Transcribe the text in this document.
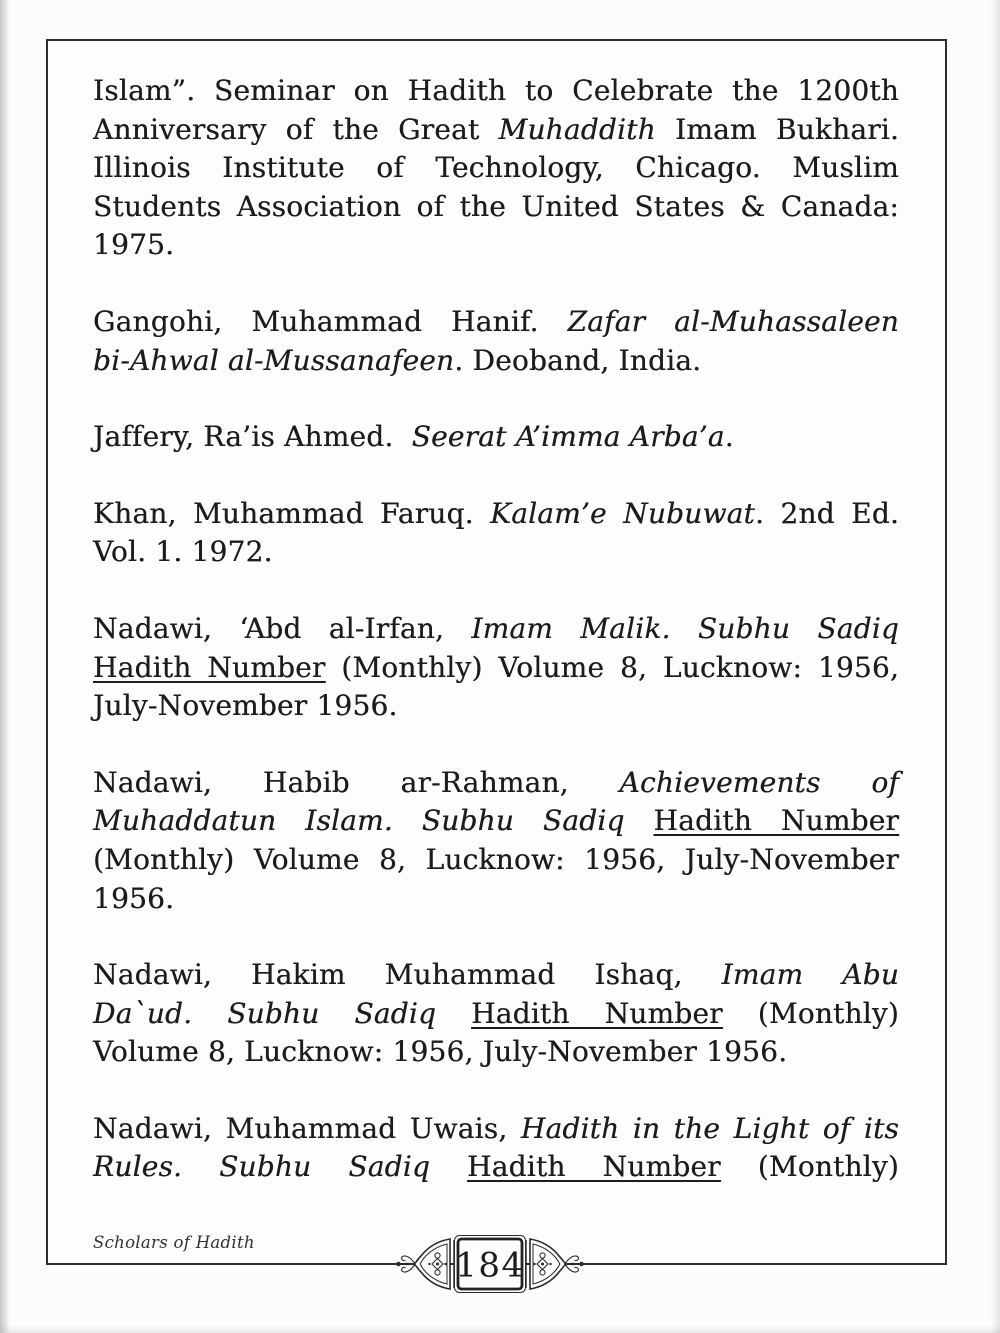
Islam”. Seminar on Hadith to Celebrate the 1200th
Anniversary of the Great Muhaddith Imam Bukhari.
Illinois Institute of Technology, Chicago. Muslim
Students Association of the United States & Canada:
1975.
Gangohi, Muhammad Hanif. Zafar al-Muhassaleen
bi-Ahwal al-Mussanafeen. Deoband, India.
Jaffery, Ra’is Ahmed.  Seerat A’imma Arba’a.
Khan, Muhammad Faruq. Kalam’e Nubuwat. 2nd Ed.
Vol. 1. 1972.
Nadawi, ‘Abd al-Irfan, Imam Malik. Subhu Sadiq
Hadith Number (Monthly) Volume 8, Lucknow: 1956,
July-November 1956.
Nadawi, Habib ar-Rahman, Achievements of
Muhaddatun Islam. Subhu Sadiq Hadith Number
(Monthly) Volume 8, Lucknow: 1956, July-November
1956.
Nadawi, Hakim Muhammad Ishaq, Imam Abu
Da`ud. Subhu Sadiq Hadith Number (Monthly)
Volume 8, Lucknow: 1956, July-November 1956.
Nadawi, Muhammad Uwais, Hadith in the Light of its
Rules. Subhu Sadiq Hadith Number (Monthly)
Scholars of Hadith
184
